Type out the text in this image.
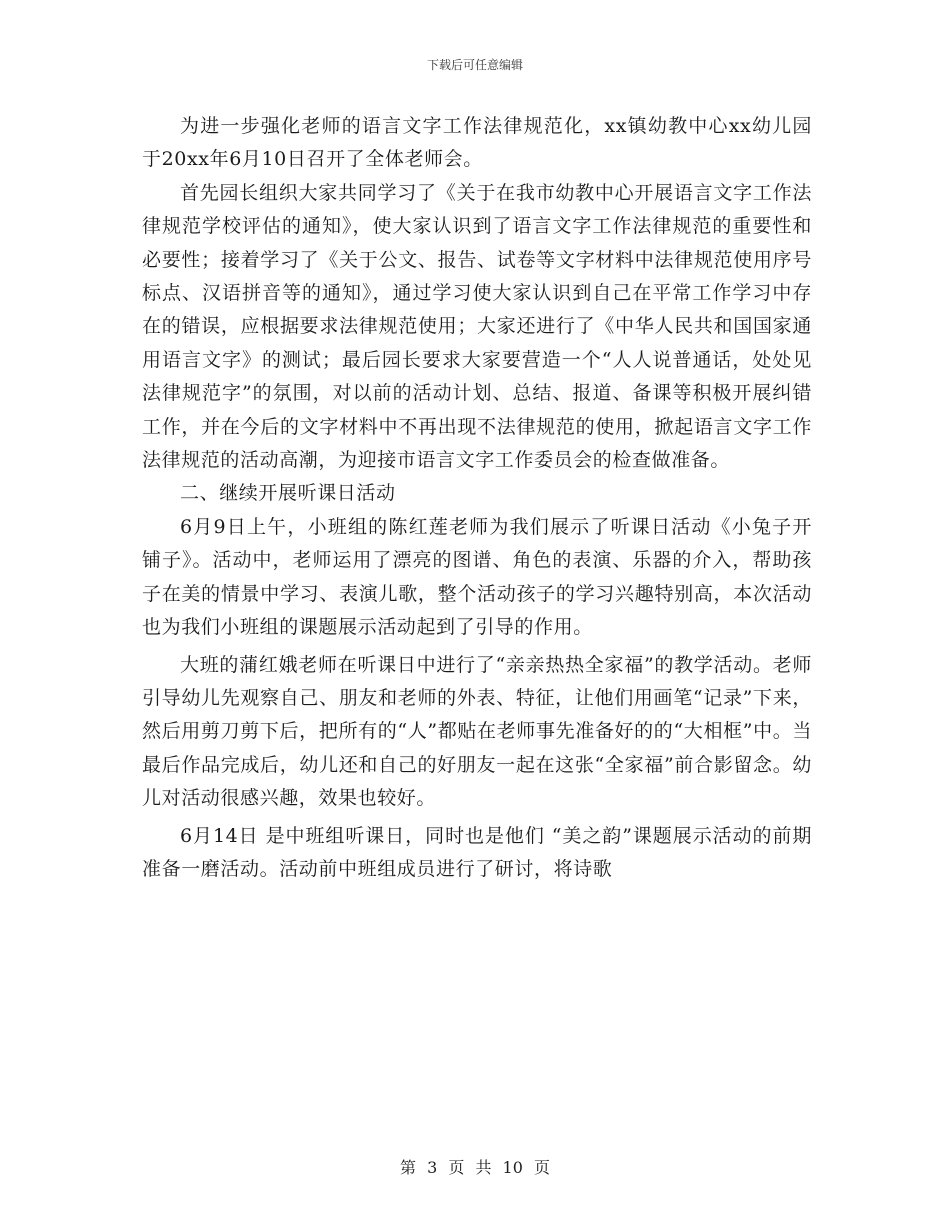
下载后可任意编辑

为进一步强化老师的语言文字工作法律规范化，xx镇幼教中心xx幼儿园于20xx年6月10日召开了全体老师会。

首先园长组织大家共同学习了《关于在我市幼教中心开展语言文字工作法律规范学校评估的通知》，使大家认识到了语言文字工作法律规范的重要性和必要性；接着学习了《关于公文、报告、试卷等文字材料中法律规范使用序号标点、汉语拼音等的通知》，通过学习使大家认识到自己在平常工作学习中存在的错误，应根据要求法律规范使用；大家还进行了《中华人民共和国国家通用语言文字》的测试；最后园长要求大家要营造一个“人人说普通话，处处见法律规范字”的氛围，对以前的活动计划、总结、报道、备课等积极开展纠错工作，并在今后的文字材料中不再出现不法律规范的使用，掀起语言文字工作法律规范的活动高潮，为迎接市语言文字工作委员会的检查做准备。

二、继续开展听课日活动

6月9日上午，小班组的陈红莲老师为我们展示了听课日活动《小兔子开铺子》。活动中，老师运用了漂亮的图谱、角色的表演、乐器的介入，帮助孩子在美的情景中学习、表演儿歌，整个活动孩子的学习兴趣特别高，本次活动也为我们小班组的课题展示活动起到了引导的作用。

大班的蒲红娥老师在听课日中进行了“亲亲热热全家福”的教学活动。老师引导幼儿先观察自己、朋友和老师的外表、特征，让他们用画笔“记录”下来，然后用剪刀剪下后，把所有的“人”都贴在老师事先准备好的的“大相框”中。当最后作品完成后，幼儿还和自己的好朋友一起在这张“全家福”前合影留念。幼儿对活动很感兴趣，效果也较好。

6月14日 是中班组听课日，同时也是他们 “美之韵”课题展示活动的前期准备一磨活动。活动前中班组成员进行了研讨，将诗歌

第 3 页 共 10 页
